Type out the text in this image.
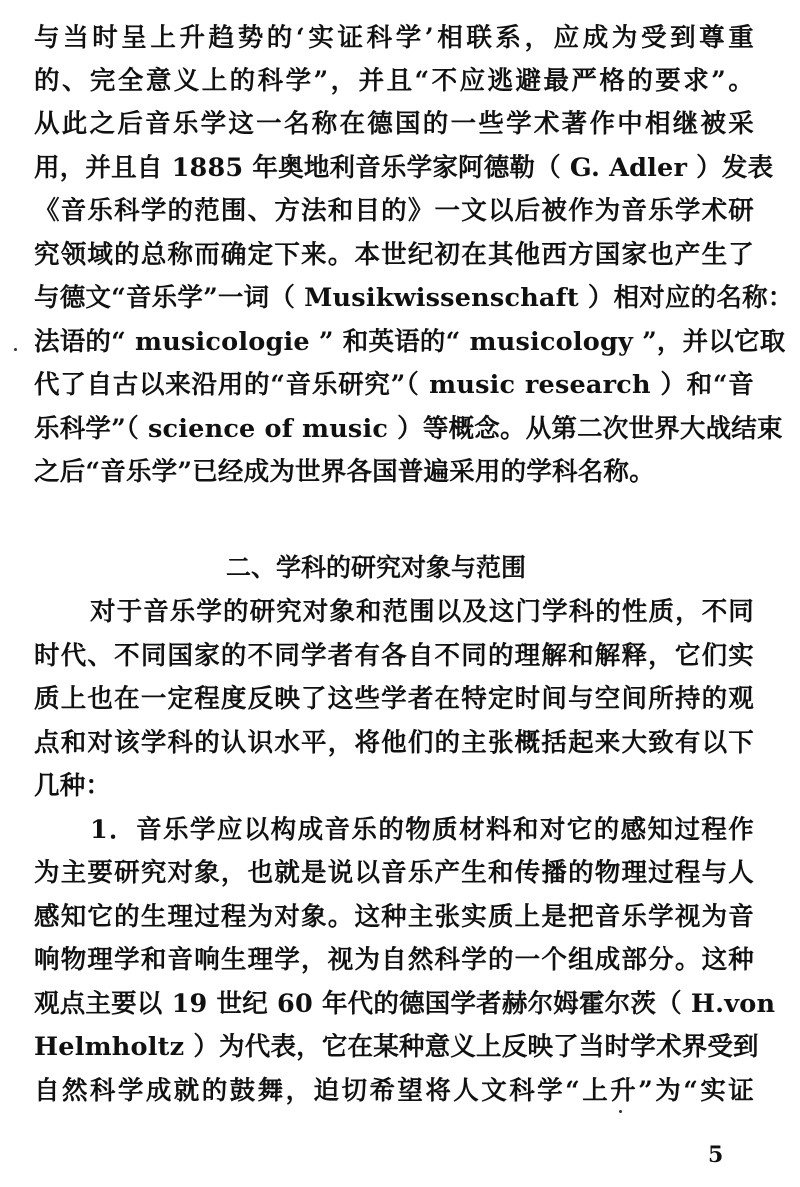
与当时呈上升趋势的‘实证科学’相联系，应成为受到尊重
的、完全意义上的科学”，并且“不应逃避最严格的要求”。
从此之后音乐学这一名称在德国的一些学术著作中相继被采
用，并且自 1885 年奥地利音乐学家阿德勒（ G. Adler ）发表
《音乐科学的范围、方法和目的》一文以后被作为音乐学术研
究领域的总称而确定下来。本世纪初在其他西方国家也产生了
与德文“音乐学”一词（ Musikwissenschaft ）相对应的名称：
法语的“ musicologie ” 和英语的“ musicology ”，并以它取
代了自古以来沿用的“音乐研究”（ music research ）和“音
乐科学”（ science of music ）等概念。从第二次世界大战结束
之后“音乐学”已经成为世界各国普遍采用的学科名称。
二、学科的研究对象与范围
对于音乐学的研究对象和范围以及这门学科的性质，不同
时代、不同国家的不同学者有各自不同的理解和解释，它们实
质上也在一定程度反映了这些学者在特定时间与空间所持的观
点和对该学科的认识水平，将他们的主张概括起来大致有以下
几种：
1．音乐学应以构成音乐的物质材料和对它的感知过程作
为主要研究对象，也就是说以音乐产生和传播的物理过程与人
感知它的生理过程为对象。这种主张实质上是把音乐学视为音
响物理学和音响生理学，视为自然科学的一个组成部分。这种
观点主要以 19 世纪 60 年代的德国学者赫尔姆霍尔茨（ H.von
Helmholtz ）为代表，它在某种意义上反映了当时学术界受到
自然科学成就的鼓舞，迫切希望将人文科学“上升”为“实证
5
